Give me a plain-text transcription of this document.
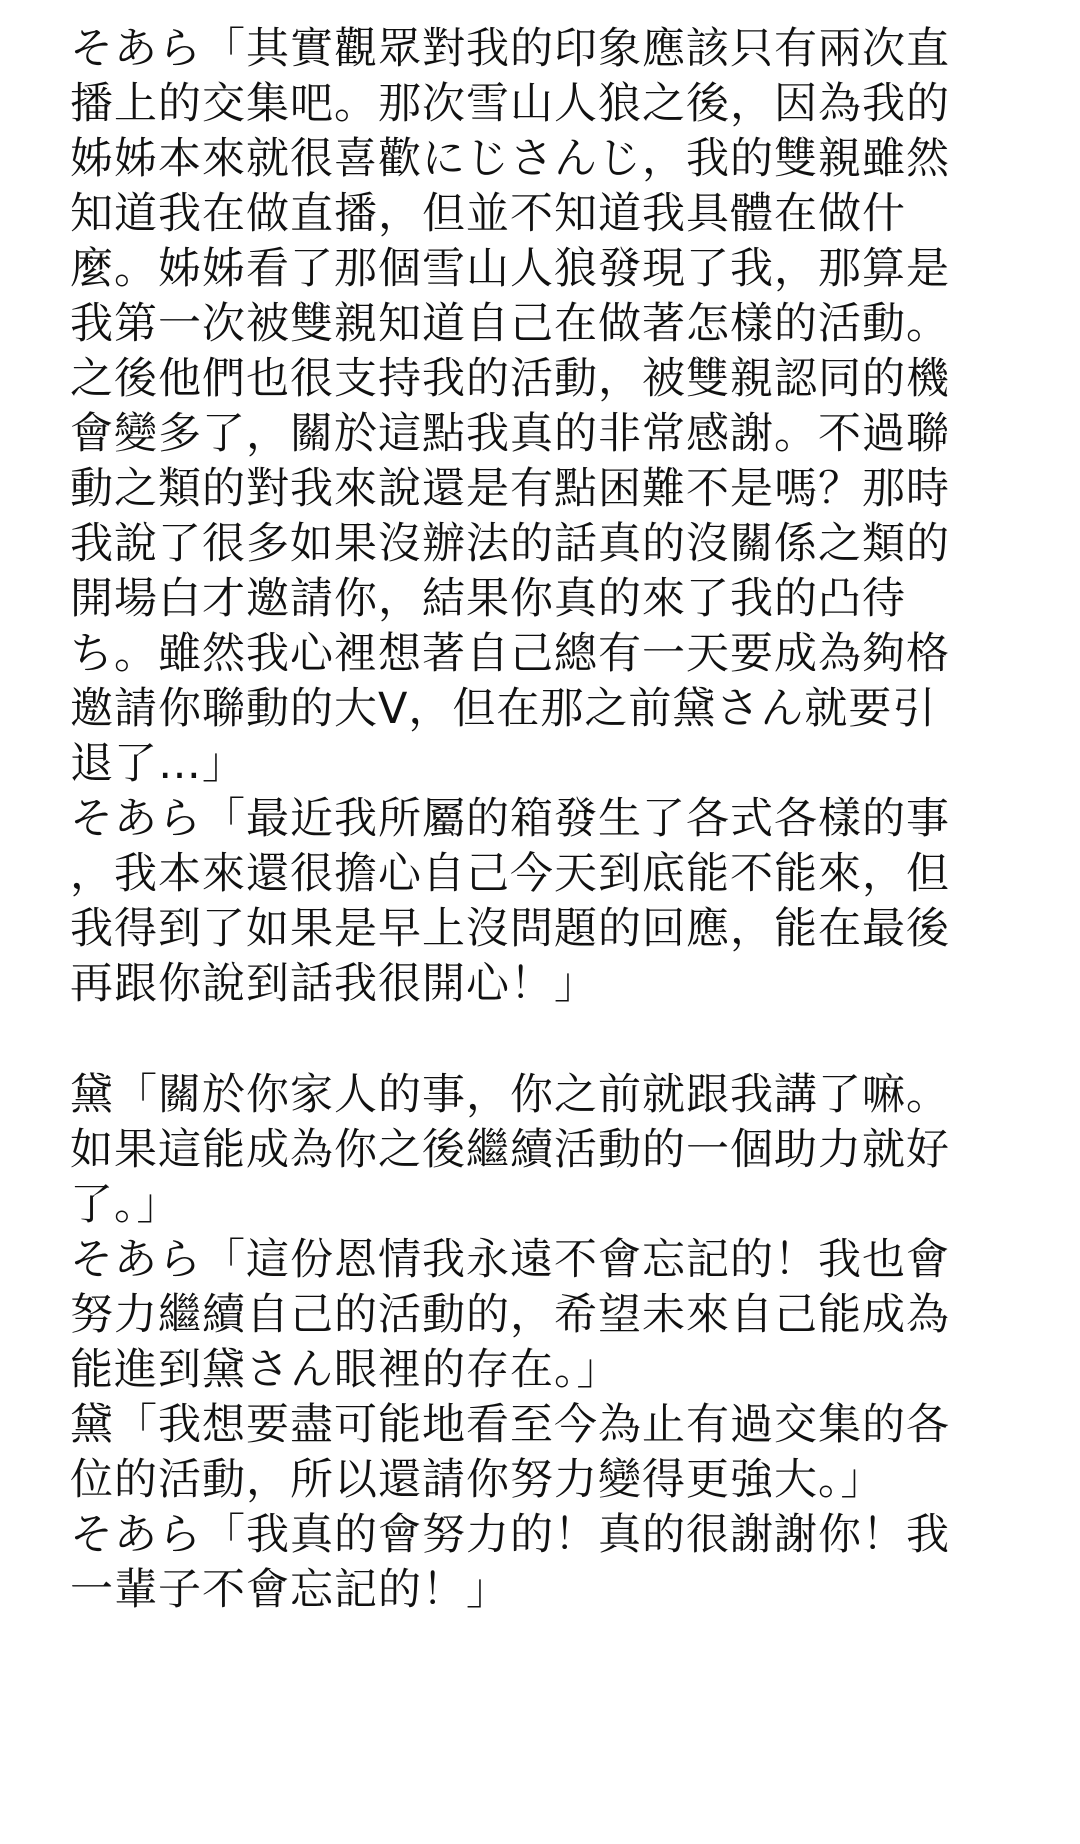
そあら「其實觀眾對我的印象應該只有兩次直
播上的交集吧。那次雪山人狼之後，因為我的
姊姊本來就很喜歡にじさんじ，我的雙親雖然
知道我在做直播，但並不知道我具體在做什
麼。姊姊看了那個雪山人狼發現了我，那算是
我第一次被雙親知道自己在做著怎樣的活動。
之後他們也很支持我的活動，被雙親認同的機
會變多了，關於這點我真的非常感謝。不過聯
動之類的對我來說還是有點困難不是嗎？那時
我說了很多如果沒辦法的話真的沒關係之類的
開場白才邀請你，結果你真的來了我的凸待
ち。雖然我心裡想著自己總有一天要成為夠格
邀請你聯動的大V，但在那之前黛さん就要引
退了…」
そあら「最近我所屬的箱發生了各式各樣的事
，我本來還很擔心自己今天到底能不能來，但
我得到了如果是早上沒問題的回應，能在最後
再跟你說到話我很開心！」
黛「關於你家人的事，你之前就跟我講了嘛。
如果這能成為你之後繼續活動的一個助力就好
了。」
そあら「這份恩情我永遠不會忘記的！我也會
努力繼續自己的活動的，希望未來自己能成為
能進到黛さん眼裡的存在。」
黛「我想要盡可能地看至今為止有過交集的各
位的活動，所以還請你努力變得更強大。」
そあら「我真的會努力的！真的很謝謝你！我
一輩子不會忘記的！」
